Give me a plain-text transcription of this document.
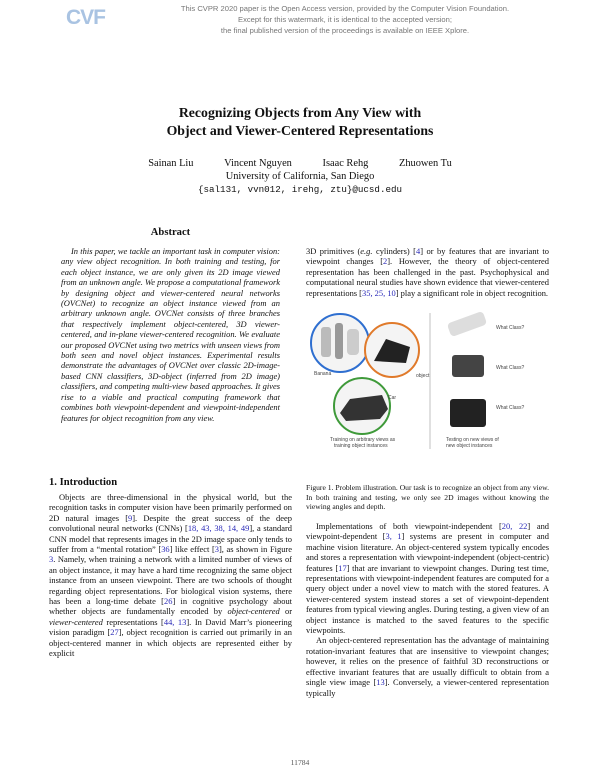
CVF	This CVPR 2020 paper is the Open Access version, provided by the Computer Vision Foundation.
Except for this watermark, it is identical to the accepted version;
the final published version of the proceedings is available on IEEE Xplore.
Recognizing Objects from Any View with
Object and Viewer-Centered Representations
Sainan Liu	Vincent Nguyen	Isaac Rehg	Zhuowen Tu
University of California, San Diego
{sal131, vvn012, irehg, ztu}@ucsd.edu
Abstract
In this paper, we tackle an important task in computer vision: any view object recognition. In both training and testing, for each object instance, we are only given its 2D image viewed from an unknown angle. We propose a computational framework by designing object and viewer-centered neural networks (OVCNet) to recognize an object instance viewed from an arbitrary unknown angle. OVCNet consists of three branches that respectively implement object-centered, 3D viewer-centered, and in-plane viewer-centered recognition. We evaluate our proposed OVCNet using two metrics with unseen views from both seen and novel object instances. Experimental results demonstrate the advantages of OVCNet over classic 2D-image-based CNN classifiers, 3D-object (inferred from 2D image) classifiers, and competing multi-view based approaches. It gives rise to a viable and practical computing framework that combines both viewpoint-dependent and viewpoint-independent features for object recognition from any view.
1. Introduction

Objects are three-dimensional in the physical world, but the recognition tasks in computer vision have been primarily performed on 2D natural images [9]. Despite the great success of the deep convolutional neural networks (CNNs) [18, 43, 38, 14, 49], a standard CNN model that represents images in the 2D image space only tends to suffer from a “mental rotation” [36] like effect [3], as shown in Figure 3. Namely, when training a network with a limited number of views of an object instance, it may have a hard time recognizing the same object instance from an unseen viewpoint. There are two schools of thought regarding object representations. For biological vision systems, there has been a long-time debate [26] in cognitive psychology about whether objects are fundamentally encoded by object-centered or viewer-centered representations [44, 13]. In David Marr’s pioneering vision paradigm [27], object recognition is carried out primarily in an object-centered manner in which objects are represented either by explicit

3D primitives (e.g. cylinders) [4] or by features that are invariant to viewpoint changes [2]. However, the theory of object-centered representation has been challenged in the past. Psychophysical and computational neural studies have shown evidence that viewer-centered representations [35, 25, 10] play a significant role in object recognition.

Banana	object
Car
Training on arbitrary views as
training object instances
What Class?
What Class?
What Class?
Testing on new views of
new object instances
Figure 1. Problem illustration. Our task is to recognize an object from any view. In both training and testing, we only see 2D images without knowing the viewing angles and depth.

Implementations of both viewpoint-independent [20, 22] and viewpoint-dependent [3, 1] systems are present in computer and machine vision literature. An object-centered system typically encodes and stores a representation with viewpoint-independent (object-centric) features [17] that are invariant to viewpoint changes. During test time, representations with viewpoint-independent features are computed for a query object under a novel view to match with the stored features. A viewer-centered system instead stores a set of viewpoint-dependent features from typical viewing angles. During testing, a given view of an object instance is matched to the saved features to the specific viewpoints.

An object-centered representation has the advantage of maintaining rotation-invariant features that are insensitive to viewpoint changes; however, it relies on the presence of faithful 3D reconstructions or effective invariant features that are usually difficult to obtain from a single view image [13]. Conversely, a viewer-centered representation typically

11784
